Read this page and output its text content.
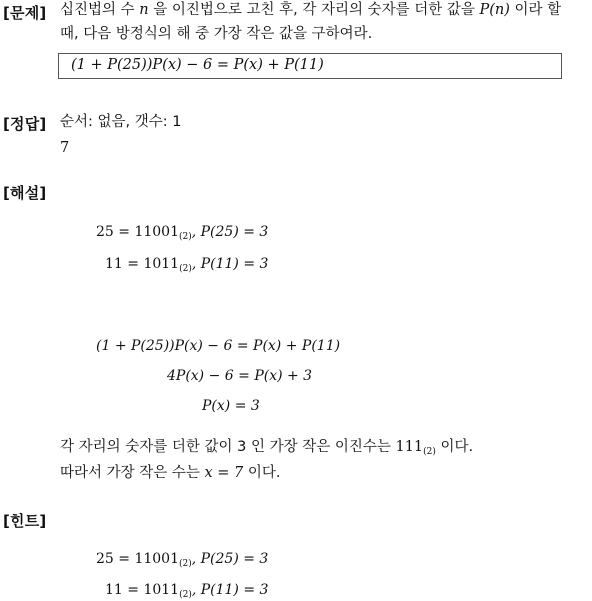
[문제] 십진법의 수 n 을 이진법으로 고친 후, 각 자리의 숫자를 더한 값을 P(n) 이라 할
때, 다음 방정식의 해 중 가장 작은 값을 구하여라.
(1 + P(25))P(x) − 6 = P(x) + P(11)
[정답] 순서: 없음, 갯수: 1
7
[해설]
$25 = 11001_{(2)}$, P(25) = 3
$11 = 1011_{(2)}$, P(11) = 3
(1 + P(25))P(x) − 6 = P(x) + P(11)
4P(x) − 6 = P(x) + 3
P(x) = 3
각 자리의 숫자를 더한 값이 3 인 가장 작은 이진수는 $111_{(2)}$ 이다.
따라서 가장 작은 수는 x = 7 이다.
[힌트]
$25 = 11001_{(2)}$, P(25) = 3
$11 = 1011_{(2)}$, P(11) = 3
